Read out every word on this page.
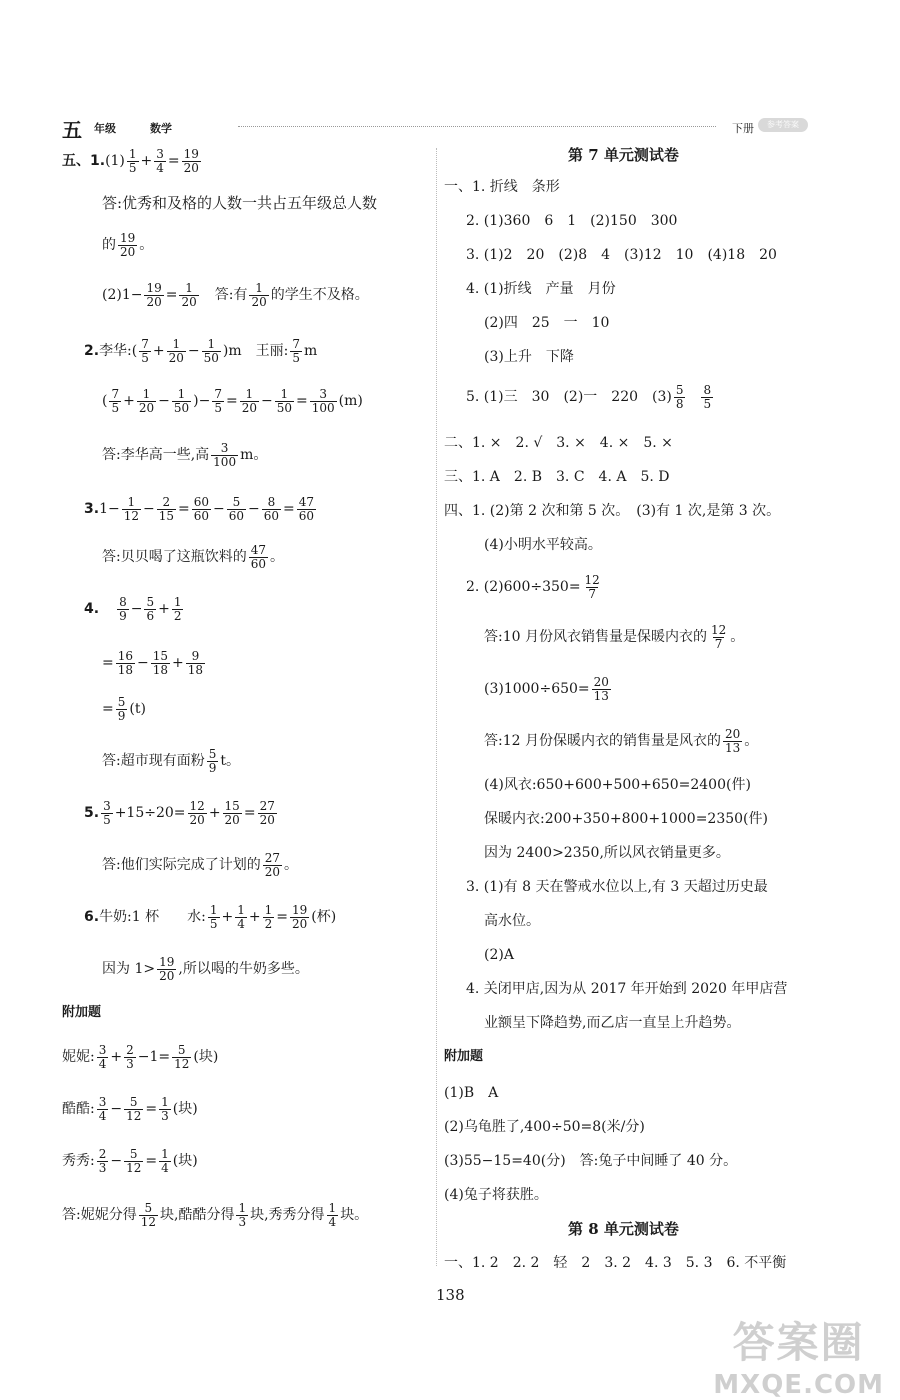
五 年级	数学	下册	参考答案
五、$1.(1) \frac{1}{5} + \frac{3}{4} = \frac{19}{20}$
答:优秀和及格的人数一共占五年级总人数
的 $\frac{19}{20}$ 。
$(2)1- \frac{19}{20} = \frac{1}{20}$ 答:有 $\frac{1}{20}$ 的学生不及格。
2.李华:( $\frac{7}{5} + \frac{1}{20} - \frac{1}{50} )m$　王丽: $\frac{7}{5}$ m
( $\frac{7}{5} + \frac{1}{20} - \frac{1}{50}$ )− $\frac{7}{5} = \frac{1}{20} - \frac{1}{50} = \frac{3}{100} (m)$
答:李华高一些,高 $\frac{3}{100}$ m。
$3.1- \frac{1}{12} - \frac{2}{15} = \frac{60}{60} - \frac{5}{60} - \frac{8}{60} = \frac{47}{60}$
答:贝贝喝了这瓶饮料的 $\frac{47}{60}$ 。
4. $\frac{8}{9} - \frac{5}{6} + \frac{1}{2}$
= $\frac{16}{18} - \frac{15}{18} + \frac{9}{18}$
= $\frac{5}{9} (t)$
答:超市现有面粉 $\frac{5}{9}$ t。
5. $\frac{3}{5} +15\div 20= \frac{12}{20} + \frac{15}{20} = \frac{27}{20}$
答:他们实际完成了计划的 $\frac{27}{20}$ 。
6.牛奶:1 杯　　水: $\frac{1}{5} + \frac{1}{4} + \frac{1}{2} = \frac{19}{20}$ (杯)
因为 $1> \frac{19}{20}$ ,所以喝的牛奶多些。
附加题
妮妮: $\frac{3}{4} + \frac{2}{3} -1= \frac{5}{12}$ (块)
酷酷: $\frac{3}{4} - \frac{5}{12} = \frac{1}{3}$ (块)
秀秀: $\frac{2}{3} - \frac{5}{12} = \frac{1}{4}$ (块)
答:妮妮分得 $\frac{5}{12}$ 块,酷酷分得 $\frac{1}{3}$ 块,秀秀分得 $\frac{1}{4}$ 块。
第 7 单元测试卷
一、1. 折线　条形
2. (1)360　6　1　(2)150　300
3. (1)2　20　(2)8　4　(3)12　10　(4)18　20
4. (1)折线　产量　月份
(2)四　25　一　10
(3)上升　下降
5. (1)三　30　(2)一　220　$(3) \frac{5}{8} \frac{8}{5}$
二、1. ×　2. √　3. ×　4. ×　5. ×
三、1. A　2. B　3. C　4. A　5. D
四、1. (2)第 2 次和第 5 次。　(3)有 1 次,是第 3 次。
(4)小明水平较高。
2. $(2)600\div 350= \frac{12}{7}$
答:10 月份风衣销售量是保暖内衣的 $\frac{12}{7}$ 。
$(3)1000\div 650= \frac{20}{13}$
答:12 月份保暖内衣的销售量是风衣的 $\frac{20}{13}$ 。
(4)风衣:650+600+500+650=2400(件)
保暖内衣:200+350+800+1000=2350(件)
因为 2400>2350,所以风衣销量更多。
3. (1)有 8 天在警戒水位以上,有 3 天超过历史最
高水位。
(2)A
4. 关闭甲店,因为从 2017 年开始到 2020 年甲店营
业额呈下降趋势,而乙店一直呈上升趋势。
附加题
(1)B　A
(2)乌龟胜了,400÷50=8(米/分)
(3)55−15=40(分)　答:兔子中间睡了 40 分。
(4)兔子将获胜。
第 8 单元测试卷
一、1. 2　2. 2　轻　2　3. 2　4. 3　5. 3　6. 不平衡
138
答案圈
MXQE.COM
